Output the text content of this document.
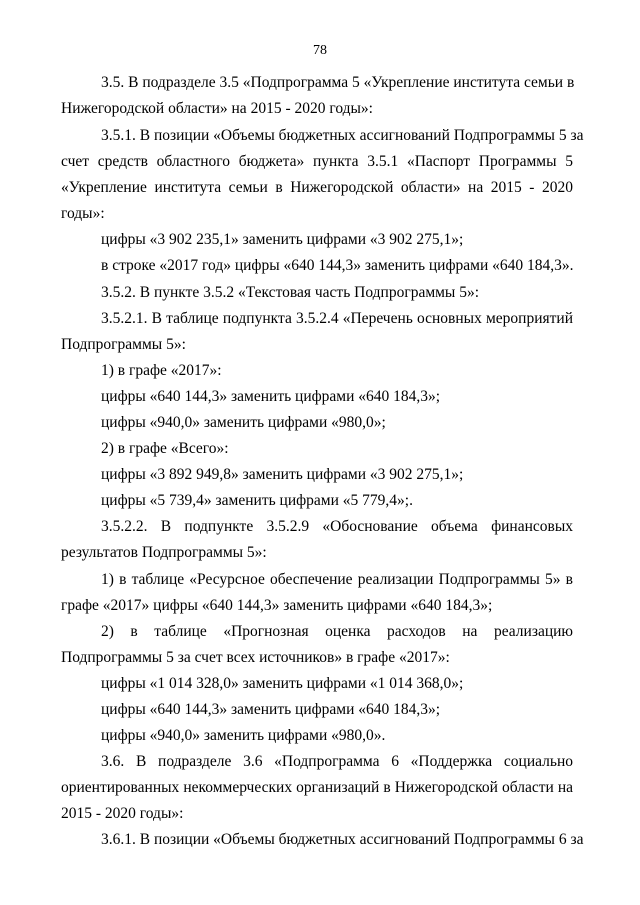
78
3.5. В подразделе 3.5 «Подпрограмма 5 «Укрепление института семьи в
Нижегородской области» на 2015 - 2020 годы»:
3.5.1. В позиции «Объемы бюджетных ассигнований Подпрограммы 5 за
счет средств областного бюджета» пункта 3.5.1 «Паспорт Программы 5
«Укрепление института семьи в Нижегородской области» на 2015 - 2020
годы»:
цифры «3 902 235,1» заменить цифрами «3 902 275,1»;
в строке «2017 год» цифры «640 144,3» заменить цифрами «640 184,3».
3.5.2. В пункте 3.5.2 «Текстовая часть Подпрограммы 5»:
3.5.2.1. В таблице подпункта 3.5.2.4 «Перечень основных мероприятий
Подпрограммы 5»:
1) в графе «2017»:
цифры «640 144,3» заменить цифрами «640 184,3»;
цифры «940,0» заменить цифрами «980,0»;
2) в графе «Всего»:
цифры «3 892 949,8» заменить цифрами «3 902 275,1»;
цифры «5 739,4» заменить цифрами «5 779,4»;.
3.5.2.2. В подпункте 3.5.2.9 «Обоснование объема финансовых
результатов Подпрограммы 5»:
1) в таблице «Ресурсное обеспечение реализации Подпрограммы 5» в
графе «2017» цифры «640 144,3» заменить цифрами «640 184,3»;
2) в таблице «Прогнозная оценка расходов на реализацию
Подпрограммы 5 за счет всех источников» в графе «2017»:
цифры «1 014 328,0» заменить цифрами «1 014 368,0»;
цифры «640 144,3» заменить цифрами «640 184,3»;
цифры «940,0» заменить цифрами «980,0».
3.6. В подразделе 3.6 «Подпрограмма 6 «Поддержка социально
ориентированных некоммерческих организаций в Нижегородской области на
2015 - 2020 годы»:
3.6.1. В позиции «Объемы бюджетных ассигнований Подпрограммы 6 за
